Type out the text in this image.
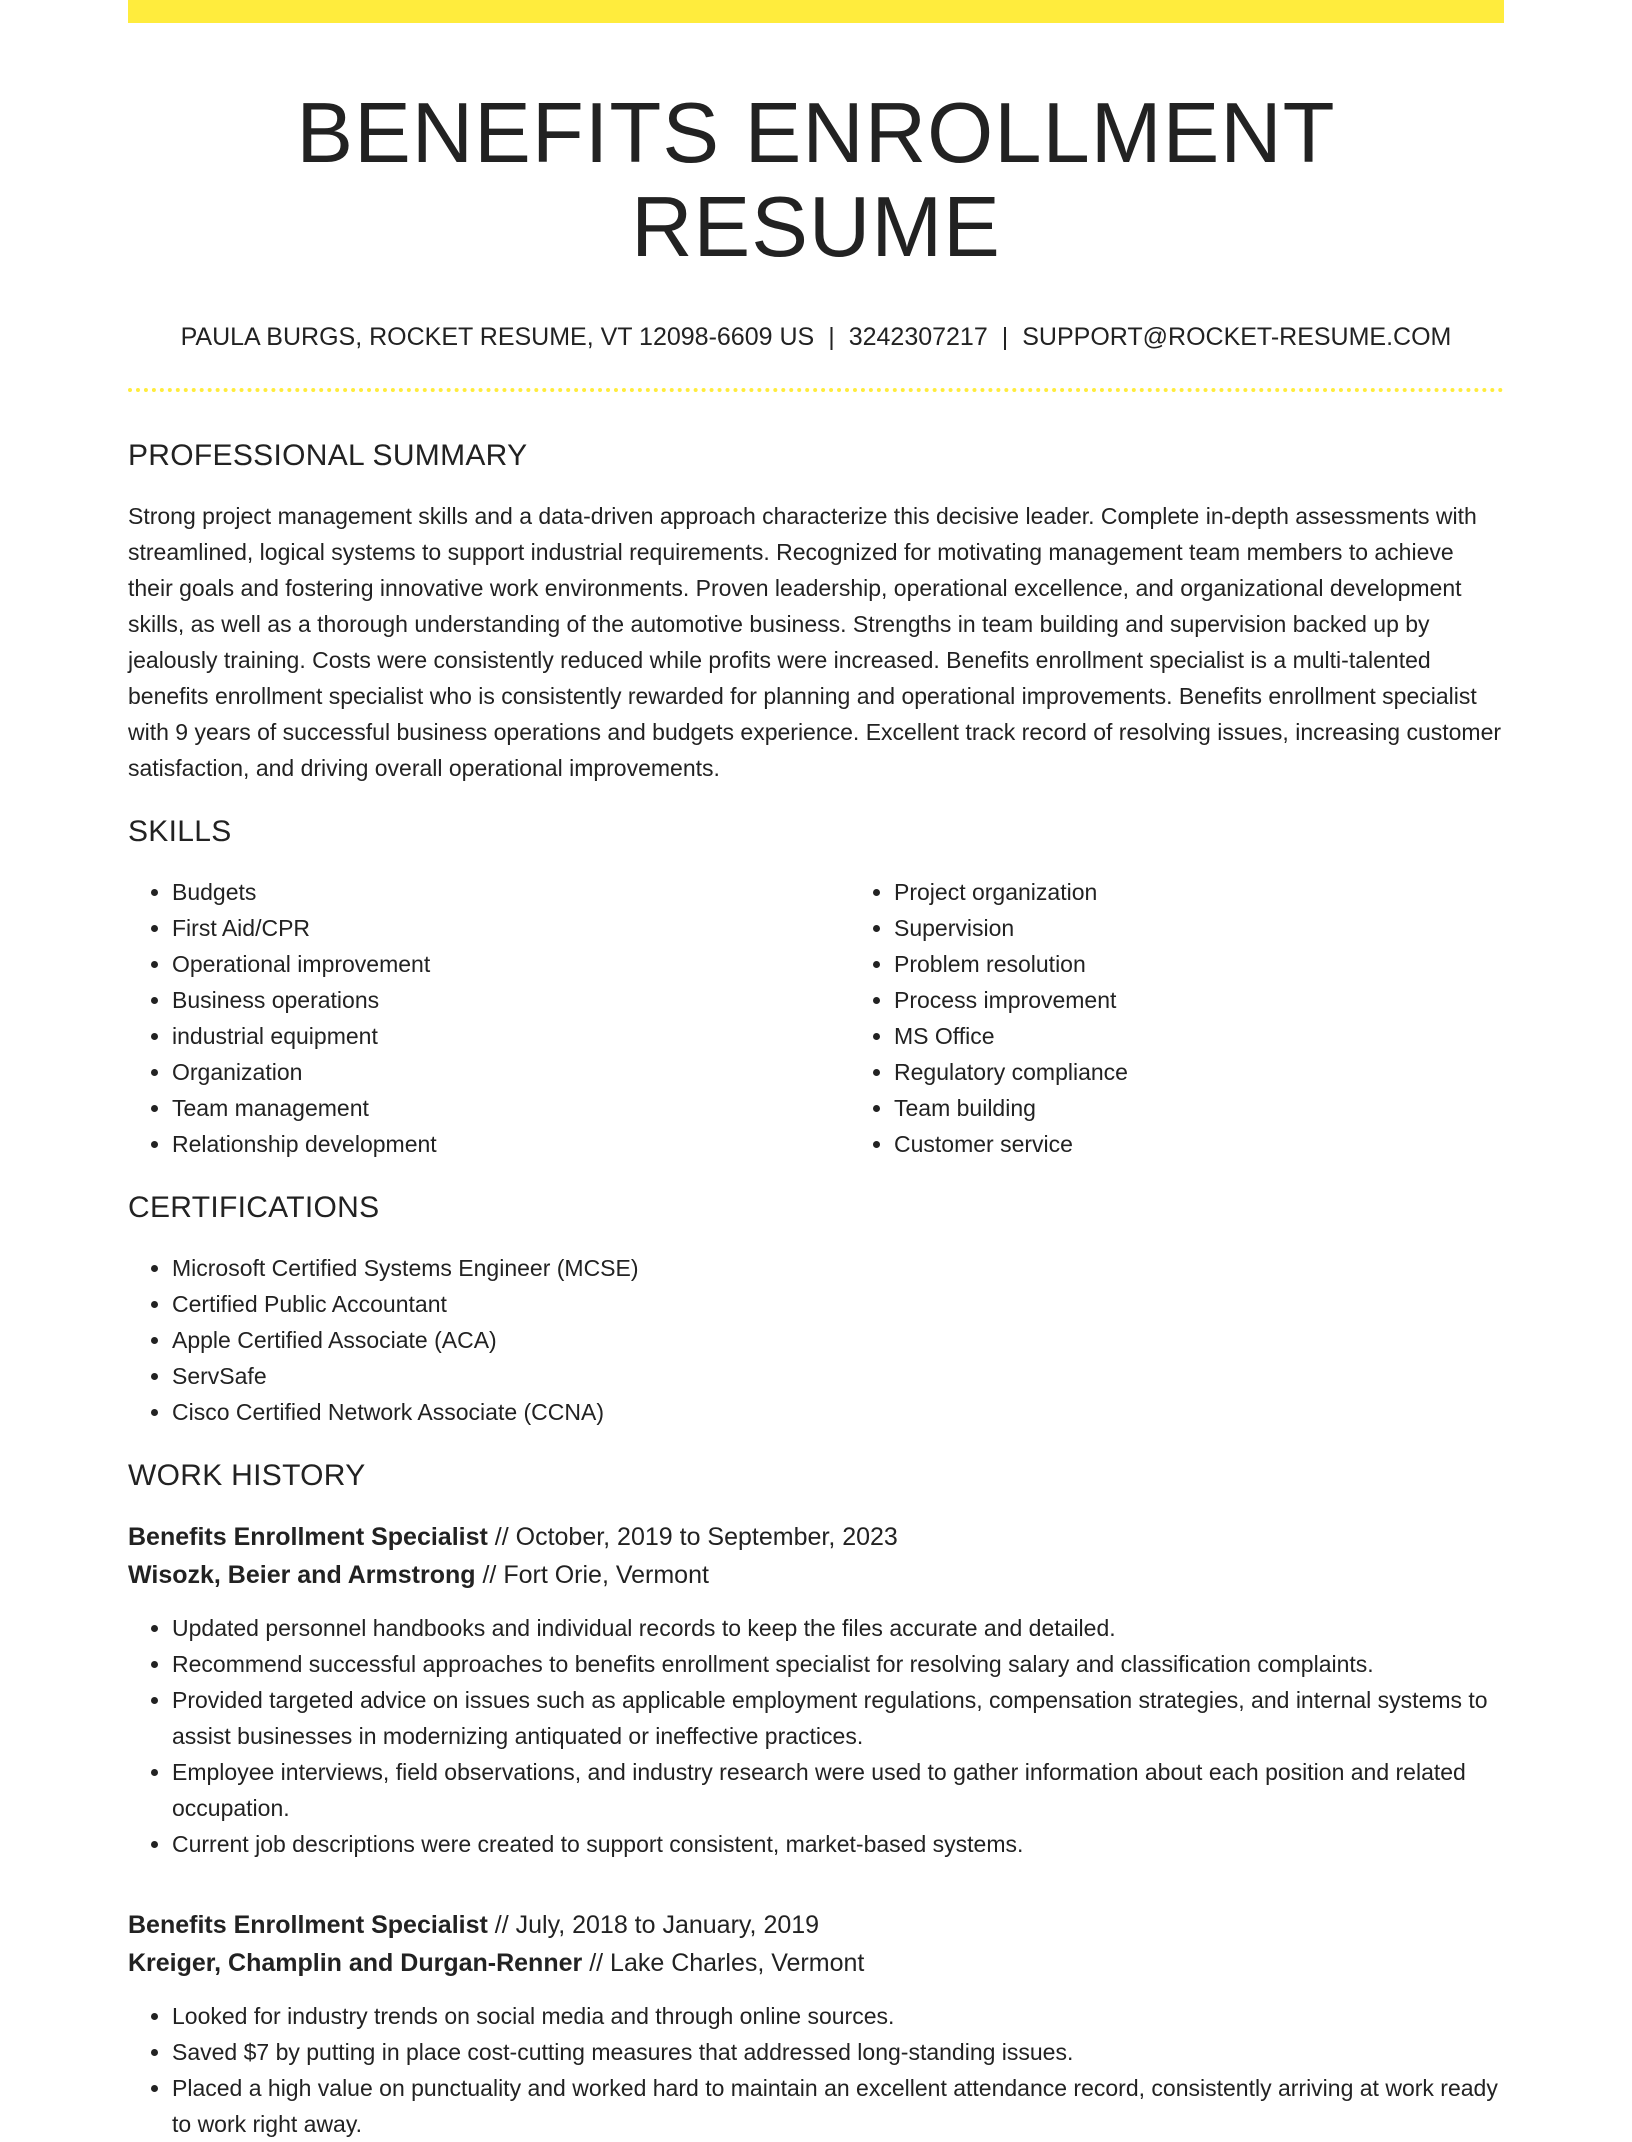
BENEFITS ENROLLMENT RESUME
PAULA BURGS, ROCKET RESUME, VT 12098-6609 US | 3242307217 | SUPPORT@ROCKET-RESUME.COM
PROFESSIONAL SUMMARY

Strong project management skills and a data-driven approach characterize this decisive leader. Complete in-depth assessments with streamlined, logical systems to support industrial requirements. Recognized for motivating management team members to achieve their goals and fostering innovative work environments. Proven leadership, operational excellence, and organizational development skills, as well as a thorough understanding of the automotive business. Strengths in team building and supervision backed up by jealously training. Costs were consistently reduced while profits were increased. Benefits enrollment specialist is a multi-talented benefits enrollment specialist who is consistently rewarded for planning and operational improvements. Benefits enrollment specialist with 9 years of successful business operations and budgets experience. Excellent track record of resolving issues, increasing customer satisfaction, and driving overall operational improvements.

SKILLS
• Budgets
• First Aid/CPR
• Operational improvement
• Business operations
• industrial equipment
• Organization
• Team management
• Relationship development
• Project organization
• Supervision
• Problem resolution
• Process improvement
• MS Office
• Regulatory compliance
• Team building
• Customer service
CERTIFICATIONS
• Microsoft Certified Systems Engineer (MCSE)
• Certified Public Accountant
• Apple Certified Associate (ACA)
• ServSafe
• Cisco Certified Network Associate (CCNA)
WORK HISTORY
Benefits Enrollment Specialist // October, 2019 to September, 2023
Wisozk, Beier and Armstrong // Fort Orie, Vermont
• Updated personnel handbooks and individual records to keep the files accurate and detailed.
• Recommend successful approaches to benefits enrollment specialist for resolving salary and classification complaints.
• Provided targeted advice on issues such as applicable employment regulations, compensation strategies, and internal systems to assist businesses in modernizing antiquated or ineffective practices.
• Employee interviews, field observations, and industry research were used to gather information about each position and related occupation.
• Current job descriptions were created to support consistent, market-based systems.
Benefits Enrollment Specialist // July, 2018 to January, 2019
Kreiger, Champlin and Durgan-Renner // Lake Charles, Vermont
• Looked for industry trends on social media and through online sources.
• Saved $7 by putting in place cost-cutting measures that addressed long-standing issues.
• Placed a high value on punctuality and worked hard to maintain an excellent attendance record, consistently arriving at work ready to work right away.
